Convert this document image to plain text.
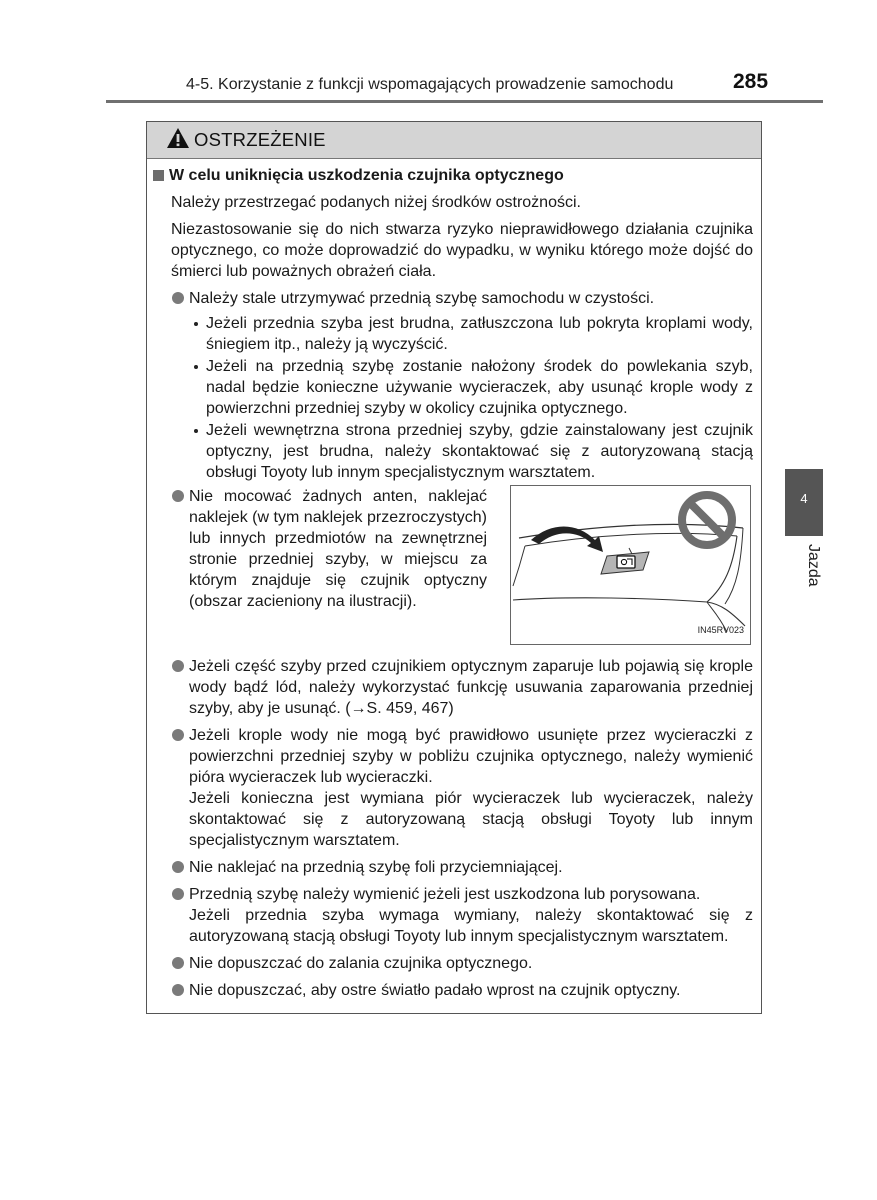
4-5. Korzystanie z funkcji wspomagających prowadzenie samochodu	285
4
Jazda
OSTRZEŻENIE
W celu uniknięcia uszkodzenia czujnika optycznego

Należy przestrzegać podanych niżej środków ostrożności.

Niezastosowanie się do nich stwarza ryzyko nieprawidłowego działania czujnika optycznego, co może doprowadzić do wypadku, w wyniku którego może dojść do śmierci lub poważnych obrażeń ciała.

Należy stale utrzymywać przednią szybę samochodu w czystości.
Jeżeli przednia szyba jest brudna, zatłuszczona lub pokryta kroplami wody, śniegiem itp., należy ją wyczyścić.
Jeżeli na przednią szybę zostanie nałożony środek do powlekania szyb, nadal będzie konieczne używanie wycieraczek, aby usunąć krople wody z powierzchni przedniej szyby w okolicy czujnika optycznego.
Jeżeli wewnętrzna strona przedniej szyby, gdzie zainstalowany jest czujnik optyczny, jest brudna, należy skontaktować się z autoryzowaną stacją obsługi Toyoty lub innym specjalistycznym warsztatem.
Nie mocować żadnych anten, naklejać naklejek (w tym naklejek przezroczystych) lub innych przedmiotów na zewnętrznej stronie przedniej szyby, w miejscu za którym znajduje się czujnik optyczny (obszar zacieniony na ilustracji).
IN45RV023
Jeżeli część szyby przed czujnikiem optycznym zaparuje lub pojawią się krople wody bądź lód, należy wykorzystać funkcję usuwania zaparowania przedniej szyby, aby je usunąć. (→S. 459, 467)
Jeżeli krople wody nie mogą być prawidłowo usunięte przez wycieraczki z powierzchni przedniej szyby w pobliżu czujnika optycznego, należy wymienić pióra wycieraczek lub wycieraczki.
Jeżeli konieczna jest wymiana piór wycieraczek lub wycieraczek, należy skontaktować się z autoryzowaną stacją obsługi Toyoty lub innym specjalistycznym warsztatem.
Nie naklejać na przednią szybę foli przyciemniającej.
Przednią szybę należy wymienić jeżeli jest uszkodzona lub porysowana.
Jeżeli przednia szyba wymaga wymiany, należy skontaktować się z autoryzowaną stacją obsługi Toyoty lub innym specjalistycznym warsztatem.
Nie dopuszczać do zalania czujnika optycznego.
Nie dopuszczać, aby ostre światło padało wprost na czujnik optyczny.
